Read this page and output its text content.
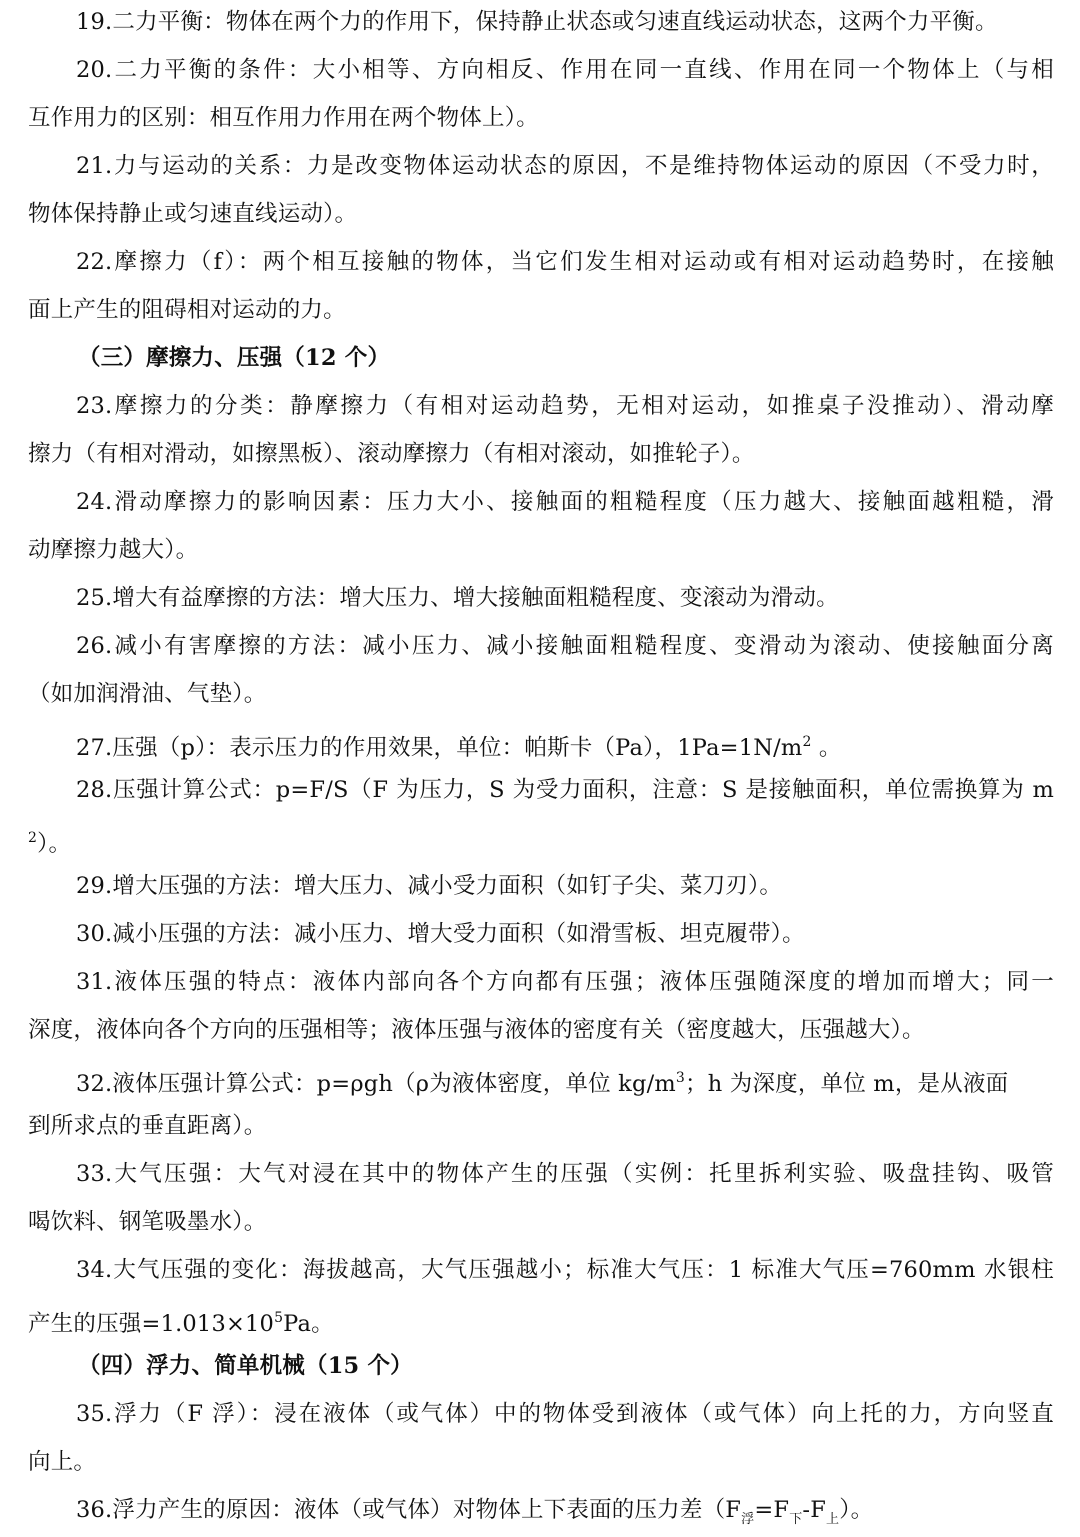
19.二力平衡：物体在两个力的作用下，保持静止状态或匀速直线运动状态，这两个力平衡。
20.二力平衡的条件：大小相等、方向相反、作用在同一直线、作用在同一个物体上（与相
互作用力的区别：相互作用力作用在两个物体上）。
21.力与运动的关系：力是改变物体运动状态的原因，不是维持物体运动的原因（不受力时，
物体保持静止或匀速直线运动）。
22.摩擦力（f）：两个相互接触的物体，当它们发生相对运动或有相对运动趋势时，在接触
面上产生的阻碍相对运动的力。
（三）摩擦力、压强（12 个）
23.摩擦力的分类：静摩擦力（有相对运动趋势，无相对运动，如推桌子没推动）、滑动摩
擦力（有相对滑动，如擦黑板）、滚动摩擦力（有相对滚动，如推轮子）。
24.滑动摩擦力的影响因素：压力大小、接触面的粗糙程度（压力越大、接触面越粗糙，滑
动摩擦力越大）。
25.增大有益摩擦的方法：增大压力、增大接触面粗糙程度、变滚动为滑动。
26.减小有害摩擦的方法：减小压力、减小接触面粗糙程度、变滑动为滚动、使接触面分离
（如加润滑油、气垫）。
27.压强（p）：表示压力的作用效果，单位：帕斯卡（Pa），$1Pa=1N/m^2$ 。
28.压强计算公式：p=F/S（F 为压力，S 为受力面积，注意：S 是接触面积，单位需换算为 m
$^2$）。
29.增大压强的方法：增大压力、减小受力面积（如钉子尖、菜刀刃）。
30.减小压强的方法：减小压力、增大受力面积（如滑雪板、坦克履带）。
31.液体压强的特点：液体内部向各个方向都有压强；液体压强随深度的增加而增大；同一
深度，液体向各个方向的压强相等；液体压强与液体的密度有关（密度越大，压强越大）。
32.液体压强计算公式：p=ρgh（ρ为液体密度，单位 $kg/m^3$；h 为深度，单位 m，是从液面
到所求点的垂直距离）。
33.大气压强：大气对浸在其中的物体产生的压强（实例：托里拆利实验、吸盘挂钩、吸管
喝饮料、钢笔吸墨水）。
34.大气压强的变化：海拔越高，大气压强越小；标准大气压：1 标准大气压=760mm 水银柱
产生的压强$=1.013\times 10^5Pa$。
（四）浮力、简单机械（15 个）
35.浮力（F 浮）：浸在液体（或气体）中的物体受到液体（或气体）向上托的力，方向竖直
向上。
36.浮力产生的原因：液体（或气体）对物体上下表面的压力差$(F_浮=F_下-F_上)$。
